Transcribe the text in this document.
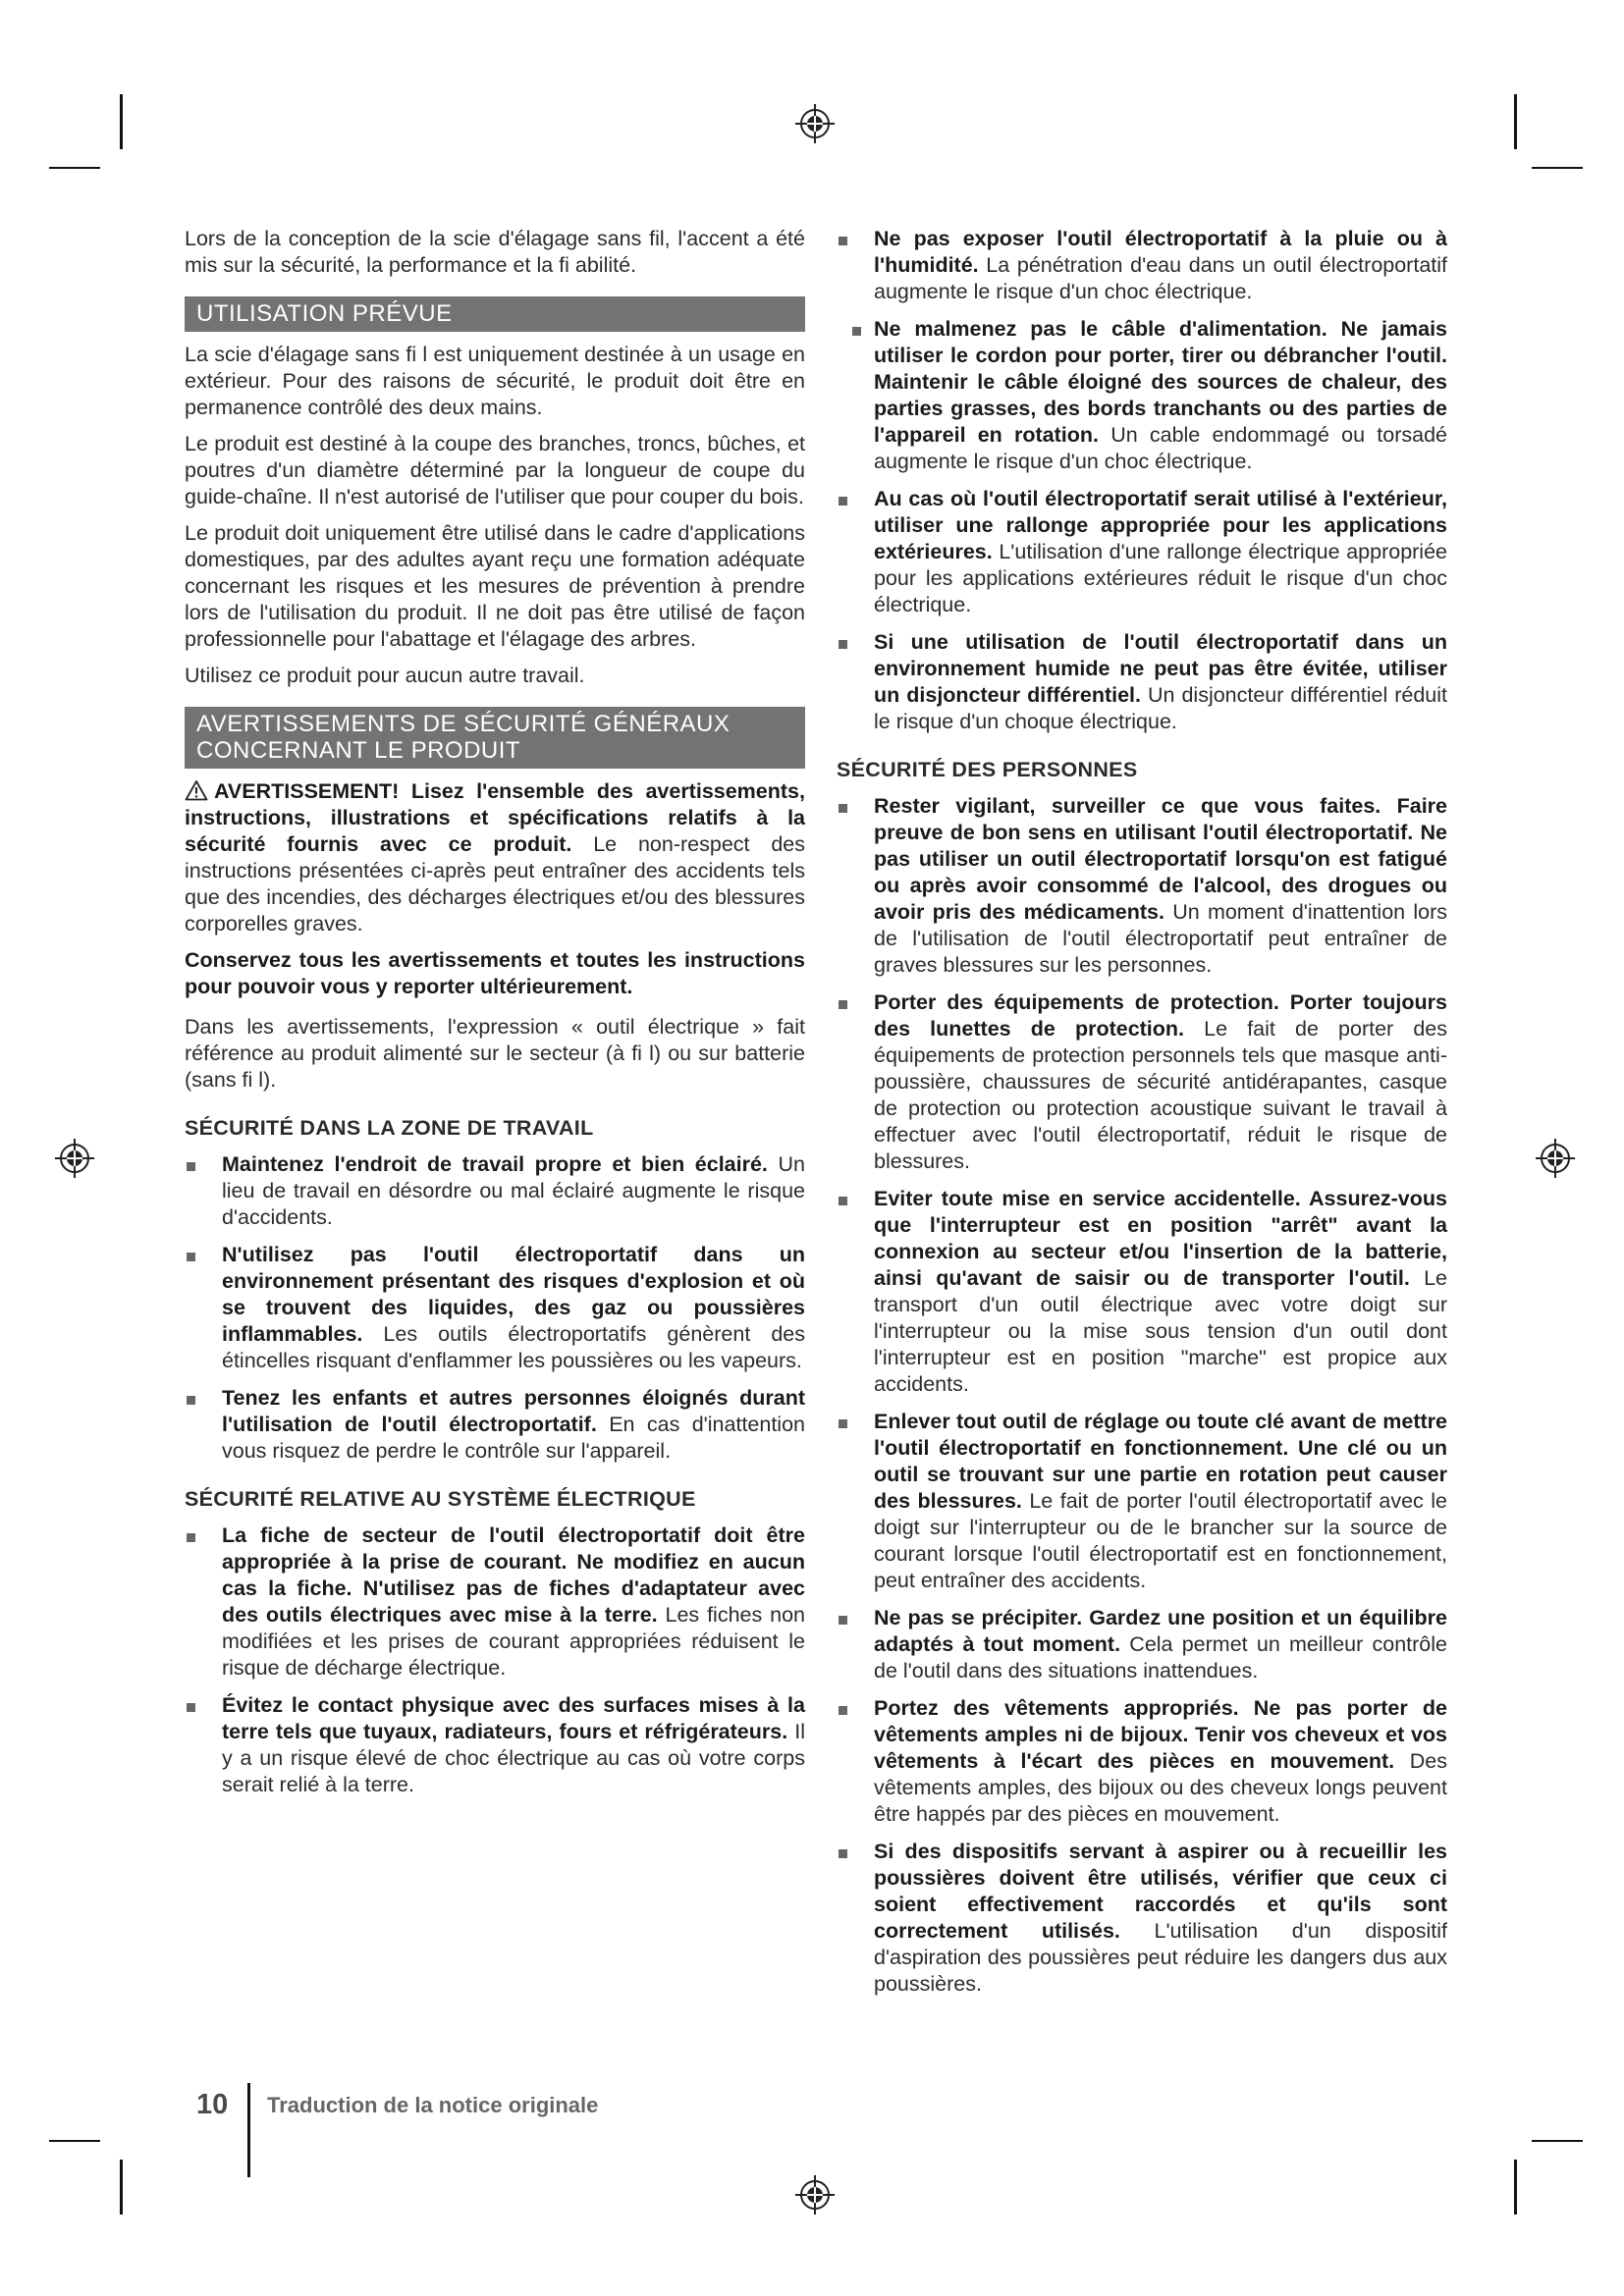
Lors de la conception de la scie d'élagage sans fil, l'accent a été mis sur la sécurité, la performance et la fi abilité.

UTILISATION PRÉVUE

La scie d'élagage sans fi l est uniquement destinée à un usage en extérieur. Pour des raisons de sécurité, le produit doit être en permanence contrôlé des deux mains.

Le produit est destiné à la coupe des branches, troncs, bûches, et poutres d'un diamètre déterminé par la longueur de coupe du guide-chaîne. Il n'est autorisé de l'utiliser que pour couper du bois.

Le produit doit uniquement être utilisé dans le cadre d'applications domestiques, par des adultes ayant reçu une formation adéquate concernant les risques et les mesures de prévention à prendre lors de l'utilisation du produit. Il ne doit pas être utilisé de façon professionnelle pour l'abattage et l'élagage des arbres.

Utilisez ce produit pour aucun autre travail.

AVERTISSEMENTS DE SÉCURITÉ GÉNÉRAUX
CONCERNANT LE PRODUIT

AVERTISSEMENT! Lisez l'ensemble des avertissements, instructions, illustrations et spécifications relatifs à la sécurité fournis avec ce produit. Le non-respect des instructions présentées ci-après peut entraîner des accidents tels que des incendies, des décharges électriques et/ou des blessures corporelles graves.

Conservez tous les avertissements et toutes les instructions pour pouvoir vous y reporter ultérieurement.

Dans les avertissements, l'expression « outil électrique » fait référence au produit alimenté sur le secteur (à fi l) ou sur batterie (sans fi l).

SÉCURITÉ DANS LA ZONE DE TRAVAIL
Maintenez l'endroit de travail propre et bien éclairé. Un lieu de travail en désordre ou mal éclairé augmente le risque d'accidents.
N'utilisez pas l'outil électroportatif dans un environnement présentant des risques d'explosion et où se trouvent des liquides, des gaz ou poussières inflammables. Les outils électroportatifs génèrent des étincelles risquant d'enflammer les poussières ou les vapeurs.
Tenez les enfants et autres personnes éloignés durant l'utilisation de l'outil électroportatif. En cas d'inattention vous risquez de perdre le contrôle sur l'appareil.
SÉCURITÉ RELATIVE AU SYSTÈME ÉLECTRIQUE
La fiche de secteur de l'outil électroportatif doit être appropriée à la prise de courant. Ne modifiez en aucun cas la fiche. N'utilisez pas de fiches d'adaptateur avec des outils électriques avec mise à la terre. Les fiches non modifiées et les prises de courant appropriées réduisent le risque de décharge électrique.
Évitez le contact physique avec des surfaces mises à la terre tels que tuyaux, radiateurs, fours et réfrigérateurs. Il y a un risque élevé de choc électrique au cas où votre corps serait relié à la terre.
Ne pas exposer l'outil électroportatif à la pluie ou à l'humidité. La pénétration d'eau dans un outil électroportatif augmente le risque d'un choc électrique.
Ne malmenez pas le câble d'alimentation. Ne jamais utiliser le cordon pour porter, tirer ou débrancher l'outil. Maintenir le câble éloigné des sources de chaleur, des parties grasses, des bords tranchants ou des parties de l'appareil en rotation. Un cable endommagé ou torsadé augmente le risque d'un choc électrique.
Au cas où l'outil électroportatif serait utilisé à l'extérieur, utiliser une rallonge appropriée pour les applications extérieures. L'utilisation d'une rallonge électrique appropriée pour les applications extérieures réduit le risque d'un choc électrique.
Si une utilisation de l'outil électroportatif dans un environnement humide ne peut pas être évitée, utiliser un disjoncteur différentiel. Un disjoncteur différentiel réduit le risque d'un choque électrique.
SÉCURITÉ DES PERSONNES
Rester vigilant, surveiller ce que vous faites. Faire preuve de bon sens en utilisant l'outil électroportatif. Ne pas utiliser un outil électroportatif lorsqu'on est fatigué ou après avoir consommé de l'alcool, des drogues ou avoir pris des médicaments. Un moment d'inattention lors de l'utilisation de l'outil électroportatif peut entraîner de graves blessures sur les personnes.
Porter des équipements de protection. Porter toujours des lunettes de protection. Le fait de porter des équipements de protection personnels tels que masque anti-poussière, chaussures de sécurité antidérapantes, casque de protection ou protection acoustique suivant le travail à effectuer avec l'outil électroportatif, réduit le risque de blessures.
Eviter toute mise en service accidentelle. Assurez-vous que l'interrupteur est en position "arrêt" avant la connexion au secteur et/ou l'insertion de la batterie, ainsi qu'avant de saisir ou de transporter l'outil. Le transport d'un outil électrique avec votre doigt sur l'interrupteur ou la mise sous tension d'un outil dont l'interrupteur est en position "marche" est propice aux accidents.
Enlever tout outil de réglage ou toute clé avant de mettre l'outil électroportatif en fonctionnement. Une clé ou un outil se trouvant sur une partie en rotation peut causer des blessures. Le fait de porter l'outil électroportatif avec le doigt sur l'interrupteur ou de le brancher sur la source de courant lorsque l'outil électroportatif est en fonctionnement, peut entraîner des accidents.
Ne pas se précipiter. Gardez une position et un équilibre adaptés à tout moment. Cela permet un meilleur contrôle de l'outil dans des situations inattendues.
Portez des vêtements appropriés. Ne pas porter de vêtements amples ni de bijoux. Tenir vos cheveux et vos vêtements à l'écart des pièces en mouvement. Des vêtements amples, des bijoux ou des cheveux longs peuvent être happés par des pièces en mouvement.
Si des dispositifs servant à aspirer ou à recueillir les poussières doivent être utilisés, vérifier que ceux ci soient effectivement raccordés et qu'ils sont correctement utilisés. L'utilisation d'un dispositif d'aspiration des poussières peut réduire les dangers dus aux poussières.
10 Traduction de la notice originale
